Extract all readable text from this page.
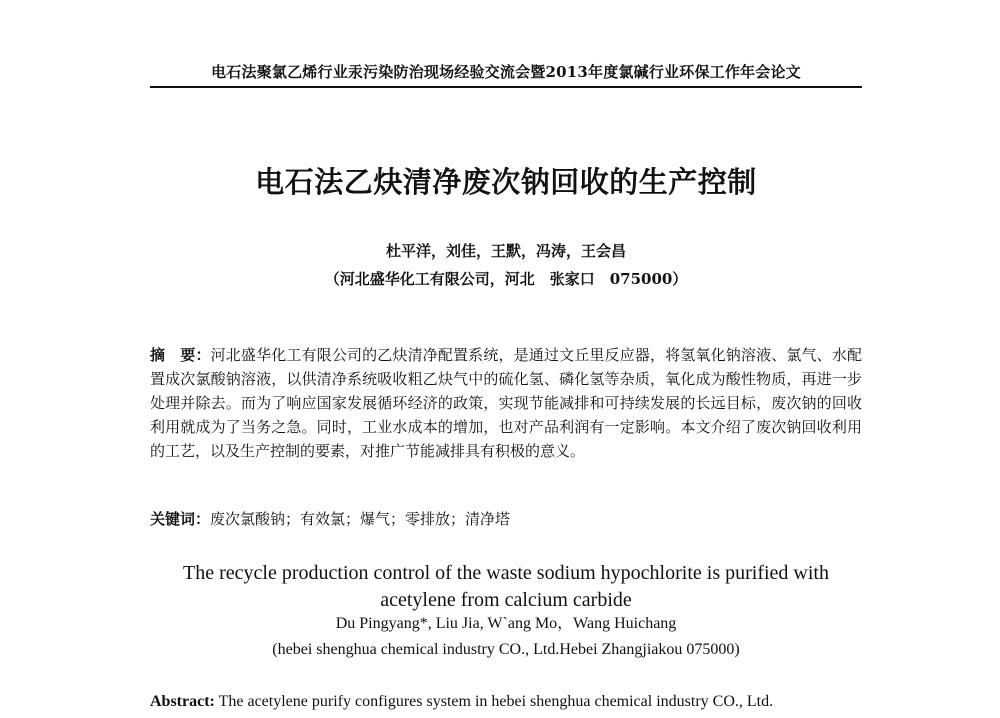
电石法聚氯乙烯行业汞污染防治现场经验交流会暨2013年度氯碱行业环保工作年会论文
电石法乙炔清净废次钠回收的生产控制
杜平洋，刘佳，王默，冯涛，王会昌
（河北盛华化工有限公司，河北　张家口　075000）
摘　要：河北盛华化工有限公司的乙炔清净配置系统，是通过文丘里反应器，将氢氧化钠溶液、氯气、水配置成次氯酸钠溶液，以供清净系统吸收粗乙炔气中的硫化氢、磷化氢等杂质，氧化成为酸性物质，再进一步处理并除去。而为了响应国家发展循环经济的政策，实现节能减排和可持续发展的长远目标，废次钠的回收利用就成为了当务之急。同时，工业水成本的增加，也对产品利润有一定影响。本文介绍了废次钠回收利用的工艺，以及生产控制的要素，对推广节能减排具有积极的意义。
关键词：废次氯酸钠；有效氯；爆气；零排放；清净塔
The recycle production control of the waste sodium hypochlorite is purified with acetylene from calcium carbide
Du Pingyang*, Liu Jia, W`ang Mo，Wang Huichang
(hebei shenghua chemical industry CO., Ltd.Hebei Zhangjiakou 075000)
Abstract: The acetylene purify configures system in hebei shenghua chemical industry CO., Ltd.
